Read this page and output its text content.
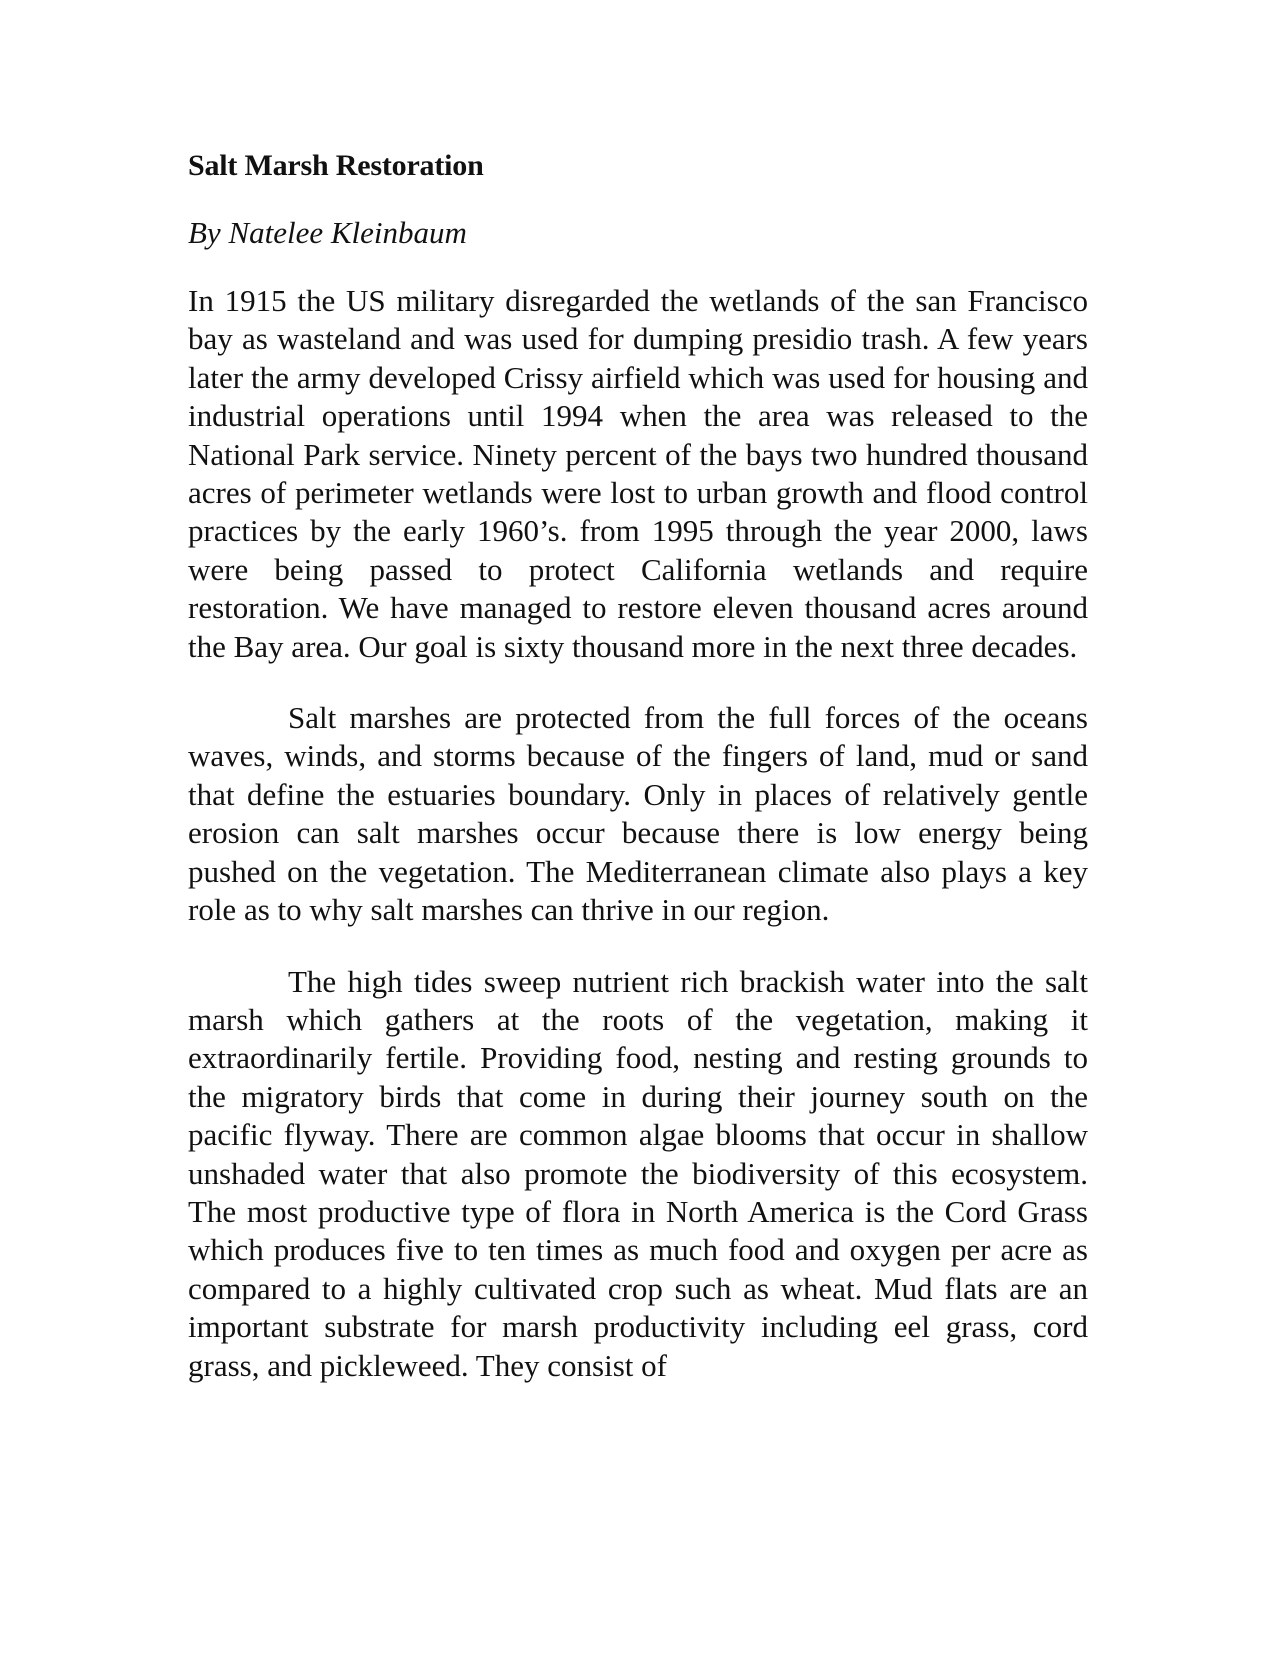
Salt Marsh Restoration

By Natelee Kleinbaum

In 1915 the US military disregarded the wetlands of the san Francisco bay as wasteland and was used for dumping presidio trash. A few years later the army developed Crissy airfield which was used for housing and industrial operations until 1994 when the area was released to the National Park service. Ninety percent of the bays two hundred thousand acres of perimeter wetlands were lost to urban growth and flood control practices by the early 1960’s. from 1995 through the year 2000, laws were being passed to protect California wetlands and require restoration. We have managed to restore eleven thousand acres around the Bay area. Our goal is sixty thousand more in the next three decades.

Salt marshes are protected from the full forces of the oceans waves, winds, and storms because of the fingers of land, mud or sand that define the estuaries boundary. Only in places of relatively gentle erosion can salt marshes occur because there is low energy being pushed on the vegetation. The Mediterranean climate also plays a key role as to why salt marshes can thrive in our region.

The high tides sweep nutrient rich brackish water into the salt marsh which gathers at the roots of the vegetation, making it extraordinarily fertile. Providing food, nesting and resting grounds to the migratory birds that come in during their journey south on the pacific flyway. There are common algae blooms that occur in shallow unshaded water that also promote the biodiversity of this ecosystem. The most productive type of flora in North America is the Cord Grass which produces five to ten times as much food and oxygen per acre as compared to a highly cultivated crop such as wheat. Mud flats are an important substrate for marsh productivity including eel grass, cord grass, and pickleweed. They consist of
